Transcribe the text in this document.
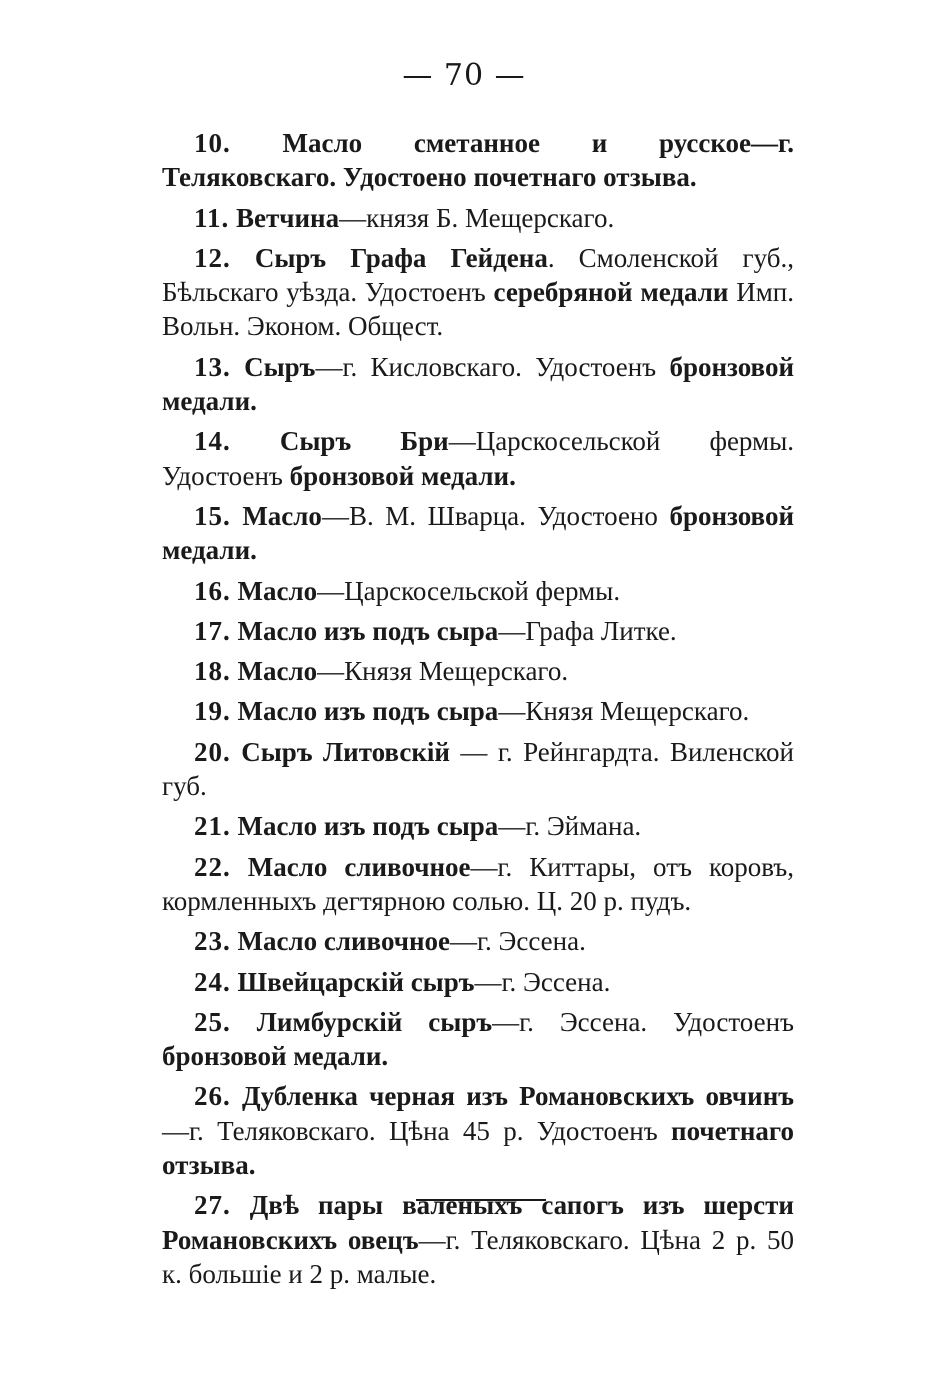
— 70 —

10. Масло сметанное и русское—г. Теляковскаго. Удостоено почетнаго отзыва.

11. Ветчина—князя Б. Мещерскаго.

12. Сыръ Графа Гейдена. Смоленской губ., Бѣльскаго уѣзда. Удостоенъ серебряной медали Имп. Вольн. Эконом. Общест.

13. Сыръ—г. Кисловскаго. Удостоенъ бронзовой медали.

14. Сыръ Бри—Царскосельской фермы. Удостоенъ бронзовой медали.

15. Масло—В. М. Шварца. Удостоено бронзовой медали.

16. Масло—Царскосельской фермы.

17. Масло изъ подъ сыра—Графа Литке.

18. Масло—Князя Мещерскаго.

19. Масло изъ подъ сыра—Князя Мещерскаго.

20. Сыръ Литовскій — г. Рейнгардта. Виленской губ.

21. Масло изъ подъ сыра—г. Эймана.

22. Масло сливочное—г. Киттары, отъ коровъ, кормленныхъ дегтярною солью. Ц. 20 р. пудъ.

23. Масло сливочное—г. Эссена.

24. Швейцарскій сыръ—г. Эссена.

25. Лимбурскій сыръ—г. Эссена. Удостоенъ бронзовой медали.

26. Дубленка черная изъ Романовскихъ овчинъ—г. Теляковскаго. Цѣна 45 р. Удостоенъ почетнаго отзыва.

27. Двѣ пары валеныхъ сапогъ изъ шерсти Романовскихъ овецъ—г. Теляковскаго. Цѣна 2 р. 50 к. большіе и 2 р. малые.
